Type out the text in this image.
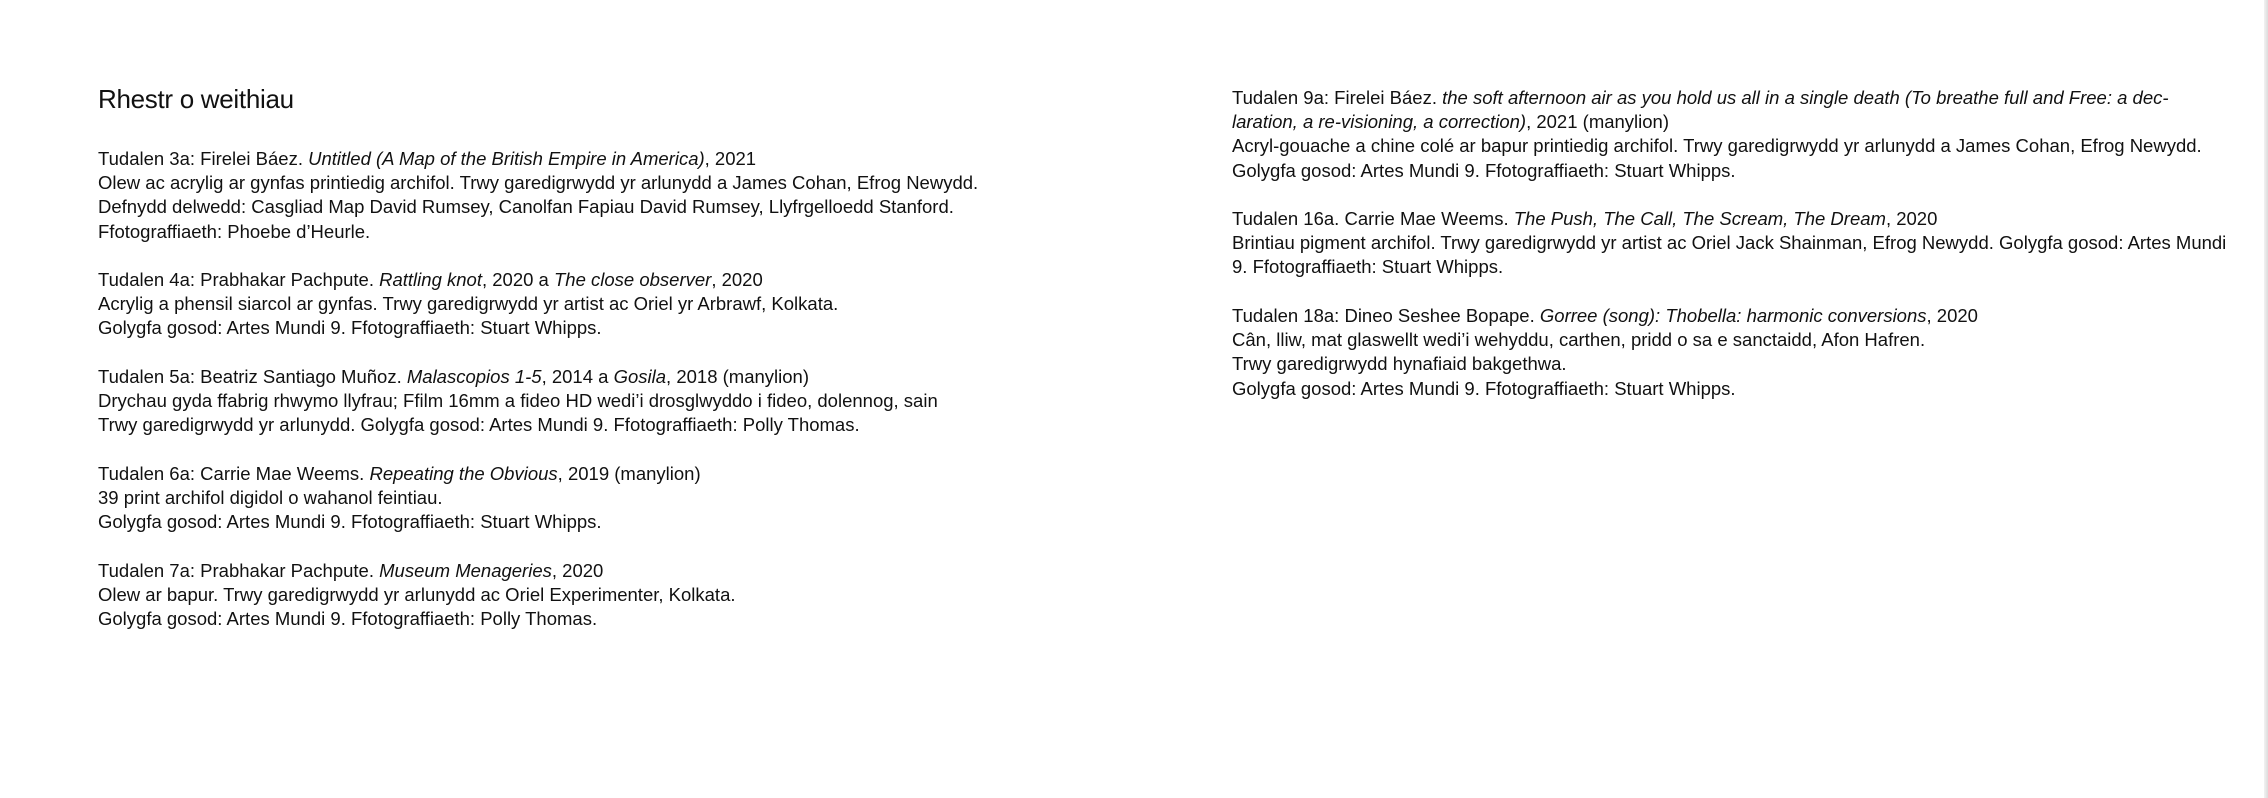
Rhestr o weithiau

Tudalen 3a: Firelei Báez. Untitled (A Map of the British Empire in America), 2021

Olew ac acrylig ar gynfas printiedig archifol. Trwy garedigrwydd yr arlunydd a James Cohan, Efrog Newydd.

Defnydd delwedd: Casgliad Map David Rumsey, Canolfan Fapiau David Rumsey, Llyfrgelloedd Stanford.

Ffotograffiaeth: Phoebe d’Heurle.

Tudalen 4a: Prabhakar Pachpute. Rattling knot, 2020 a The close observer, 2020

Acrylig a phensil siarcol ar gynfas. Trwy garedigrwydd yr artist ac Oriel yr Arbrawf, Kolkata.

Golygfa gosod: Artes Mundi 9. Ffotograffiaeth: Stuart Whipps.

Tudalen 5a: Beatriz Santiago Muñoz. Malascopios 1-5, 2014 a Gosila, 2018 (manylion)

Drychau gyda ffabrig rhwymo llyfrau; Ffilm 16mm a fideo HD wedi’i drosglwyddo i fideo, dolennog, sain

Trwy garedigrwydd yr arlunydd. Golygfa gosod: Artes Mundi 9. Ffotograffiaeth: Polly Thomas.

Tudalen 6a: Carrie Mae Weems. Repeating the Obvious, 2019 (manylion)

39 print archifol digidol o wahanol feintiau.

Golygfa gosod: Artes Mundi 9. Ffotograffiaeth: Stuart Whipps.

Tudalen 7a: Prabhakar Pachpute. Museum Menageries, 2020

Olew ar bapur. Trwy garedigrwydd yr arlunydd ac Oriel Experimenter, Kolkata.

Golygfa gosod: Artes Mundi 9. Ffotograffiaeth: Polly Thomas.

Tudalen 9a: Firelei Báez. the soft afternoon air as you hold us all in a single death (To breathe full and Free: a dec-laration, a re-visioning, a correction), 2021 (manylion)

Acryl-gouache a chine colé ar bapur printiedig archifol. Trwy garedigrwydd yr arlunydd a James Cohan, Efrog Newydd. Golygfa gosod: Artes Mundi 9. Ffotograffiaeth: Stuart Whipps.

Tudalen 16a. Carrie Mae Weems. The Push, The Call, The Scream, The Dream, 2020

Brintiau pigment archifol. Trwy garedigrwydd yr artist ac Oriel Jack Shainman, Efrog Newydd. Golygfa gosod: Artes Mundi 9. Ffotograffiaeth: Stuart Whipps.

Tudalen 18a: Dineo Seshee Bopape. Gorree (song): Thobella: harmonic conversions, 2020

Cân, lliw, mat glaswellt wedi’i wehyddu, carthen, pridd o sa e sanctaidd, Afon Hafren.

Trwy garedigrwydd hynafiaid bakgethwa.

Golygfa gosod: Artes Mundi 9. Ffotograffiaeth: Stuart Whipps.
